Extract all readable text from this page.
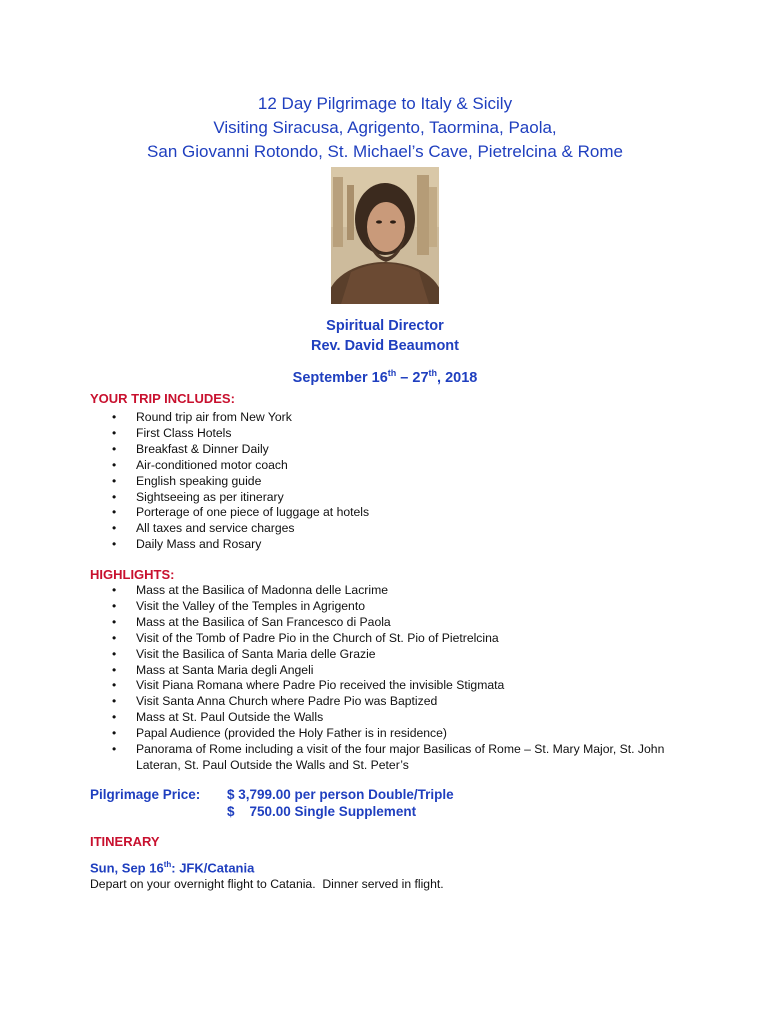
12 Day Pilgrimage to Italy & Sicily
Visiting Siracusa, Agrigento, Taormina, Paola,
San Giovanni Rotondo, St. Michael’s Cave, Pietrelcina & Rome
Spiritual Director
Rev. David Beaumont
September 16th – 27th, 2018
YOUR TRIP INCLUDES:
• Round trip air from New York
• First Class Hotels
• Breakfast & Dinner Daily
• Air-conditioned motor coach
• English speaking guide
• Sightseeing as per itinerary
• Porterage of one piece of luggage at hotels
• All taxes and service charges
• Daily Mass and Rosary
HIGHLIGHTS:
• Mass at the Basilica of Madonna delle Lacrime
• Visit the Valley of the Temples in Agrigento
• Mass at the Basilica of San Francesco di Paola
• Visit of the Tomb of Padre Pio in the Church of St. Pio of Pietrelcina
• Visit the Basilica of Santa Maria delle Grazie
• Mass at Santa Maria degli Angeli
• Visit Piana Romana where Padre Pio received the invisible Stigmata
• Visit Santa Anna Church where Padre Pio was Baptized
• Mass at St. Paul Outside the Walls
• Papal Audience (provided the Holy Father is in residence)
• Panorama of Rome including a visit of the four major Basilicas of Rome – St. Mary Major, St. John Lateran, St. Paul Outside the Walls and St. Peter’s
Pilgrimage Price: $ 3,799.00 per person Double/Triple
$    750.00 Single Supplement
ITINERARY
Sun, Sep 16th: JFK/Catania
Depart on your overnight flight to Catania.  Dinner served in flight.
